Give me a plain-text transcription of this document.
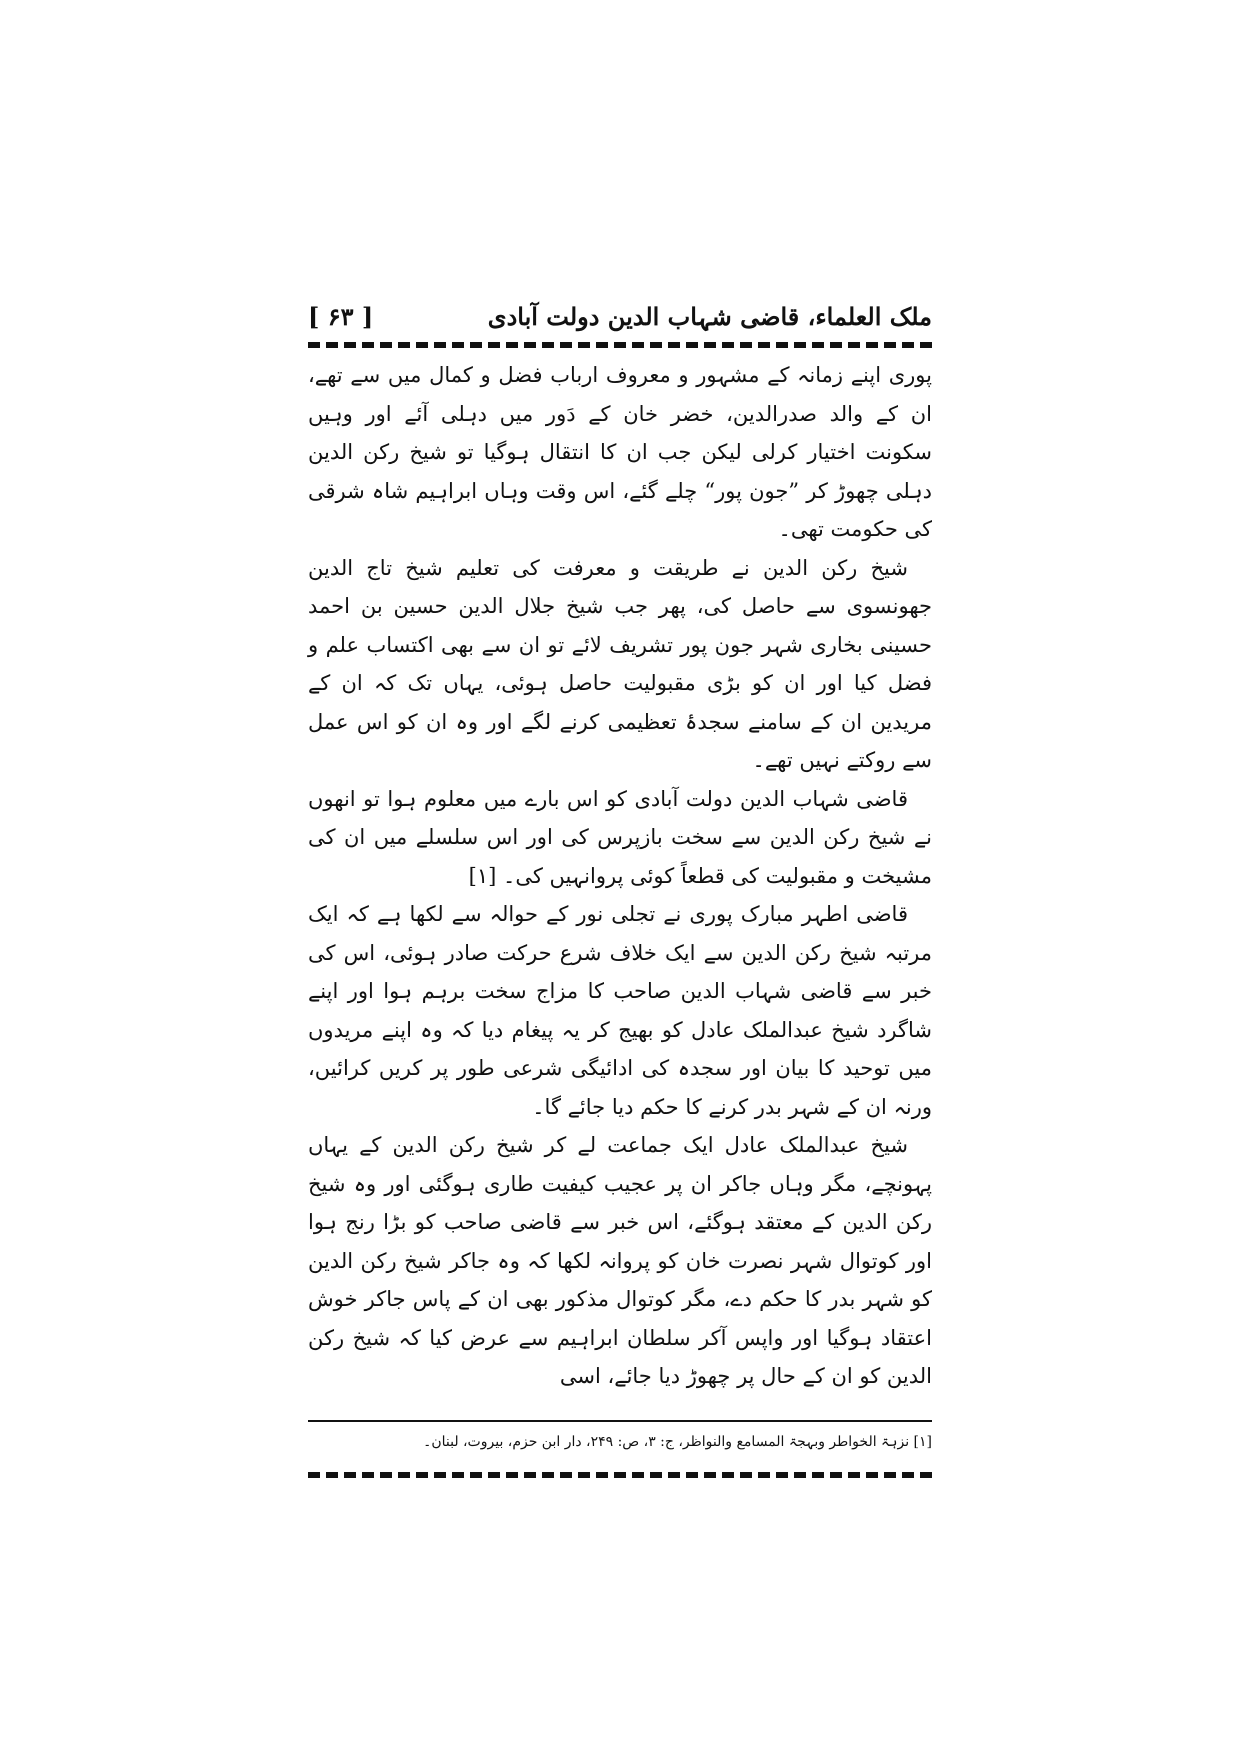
ملک العلماء، قاضی شہاب الدین دولت آبادی
[ ۶۳ ]

پوری اپنے زمانہ کے مشہور و معروف ارباب فضل و کمال میں سے تھے، ان کے والد صدرالدین، خضر خان کے دَور میں دہلی آئے اور وہیں سکونت اختیار کرلی لیکن جب ان کا انتقال ہوگیا تو شیخ رکن الدین دہلی چھوڑ کر ”جون پور“ چلے گئے، اس وقت وہاں ابراہیم شاہ شرقی کی حکومت تھی۔

شیخ رکن الدین نے طریقت و معرفت کی تعلیم شیخ تاج الدین جھونسوی سے حاصل کی، پھر جب شیخ جلال الدین حسین بن احمد حسینی بخاری شہر جون پور تشریف لائے تو ان سے بھی اکتساب علم و فضل کیا اور ان کو بڑی مقبولیت حاصل ہوئی، یہاں تک کہ ان کے مریدین ان کے سامنے سجدۂ تعظیمی کرنے لگے اور وہ ان کو اس عمل سے روکتے نہیں تھے۔

قاضی شہاب الدین دولت آبادی کو اس بارے میں معلوم ہوا تو انھوں نے شیخ رکن الدین سے سخت بازپرس کی اور اس سلسلے میں ان کی مشیخت و مقبولیت کی قطعاً کوئی پروانہیں کی۔ [۱]

قاضی اطہر مبارک پوری نے تجلی نور کے حوالہ سے لکھا ہے کہ ایک مرتبہ شیخ رکن الدین سے ایک خلاف شرع حرکت صادر ہوئی، اس کی خبر سے قاضی شہاب الدین صاحب کا مزاج سخت برہم ہوا اور اپنے شاگرد شیخ عبدالملک عادل کو بھیج کر یہ پیغام دیا کہ وہ اپنے مریدوں میں توحید کا بیان اور سجدہ کی ادائیگی شرعی طور پر کریں کرائیں، ورنہ ان کے شہر بدر کرنے کا حکم دیا جائے گا۔

شیخ عبدالملک عادل ایک جماعت لے کر شیخ رکن الدین کے یہاں پہونچے، مگر وہاں جاکر ان پر عجیب کیفیت طاری ہوگئی اور وہ شیخ رکن الدین کے معتقد ہوگئے، اس خبر سے قاضی صاحب کو بڑا رنج ہوا اور کوتوال شہر نصرت خان کو پروانہ لکھا کہ وہ جاکر شیخ رکن الدین کو شہر بدر کا حکم دے، مگر کوتوال مذکور بھی ان کے پاس جاکر خوش اعتقاد ہوگیا اور واپس آکر سلطان ابراہیم سے عرض کیا کہ شیخ رکن الدین کو ان کے حال پر چھوڑ دیا جائے، اسی

[۱] نزہۃ الخواطر وبہجۃ المسامع والنواظر، ج: ۳، ص: ۲۴۹، دار ابن حزم، بیروت، لبنان۔
